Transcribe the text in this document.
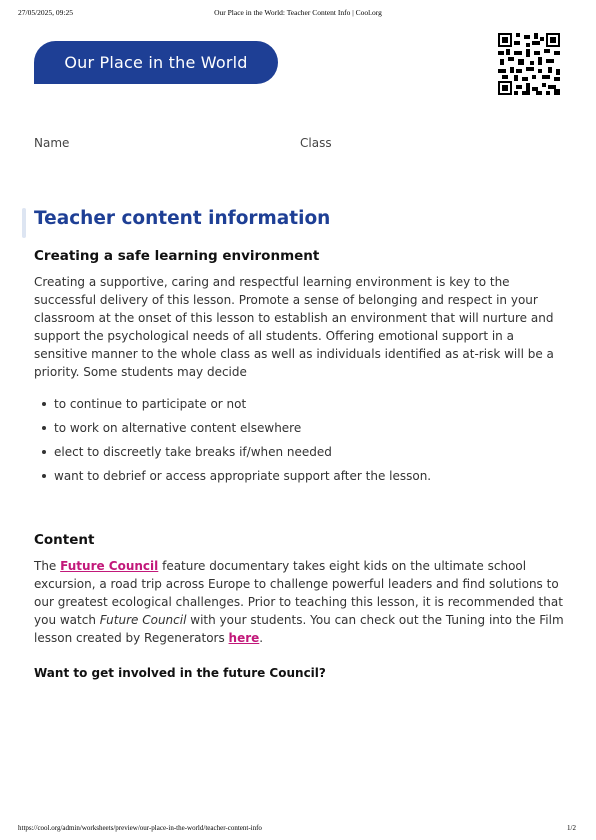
27/05/2025, 09:25	Our Place in the World: Teacher Content Info | Cool.org
Our Place in the World
Name	Class
Teacher content information
Creating a safe learning environment

Creating a supportive, caring and respectful learning environment is key to the successful delivery of this lesson. Promote a sense of belonging and respect in your classroom at the onset of this lesson to establish an environment that will nurture and support the psychological needs of all students. Offering emotional support in a sensitive manner to the whole class as well as individuals identified as at-risk will be a priority. Some students may decide

to continue to participate or not
to work on alternative content elsewhere
elect to discreetly take breaks if/when needed
want to debrief or access appropriate support after the lesson.
Content

The Future Council feature documentary takes eight kids on the ultimate school excursion, a road trip across Europe to challenge powerful leaders and find solutions to our greatest ecological challenges. Prior to teaching this lesson, it is recommended that you watch Future Council with your students. You can check out the Tuning into the Film lesson created by Regenerators here.

Want to get involved in the future Council?
https://cool.org/admin/worksheets/preview/our-place-in-the-world/teacher-content-info	1/2
